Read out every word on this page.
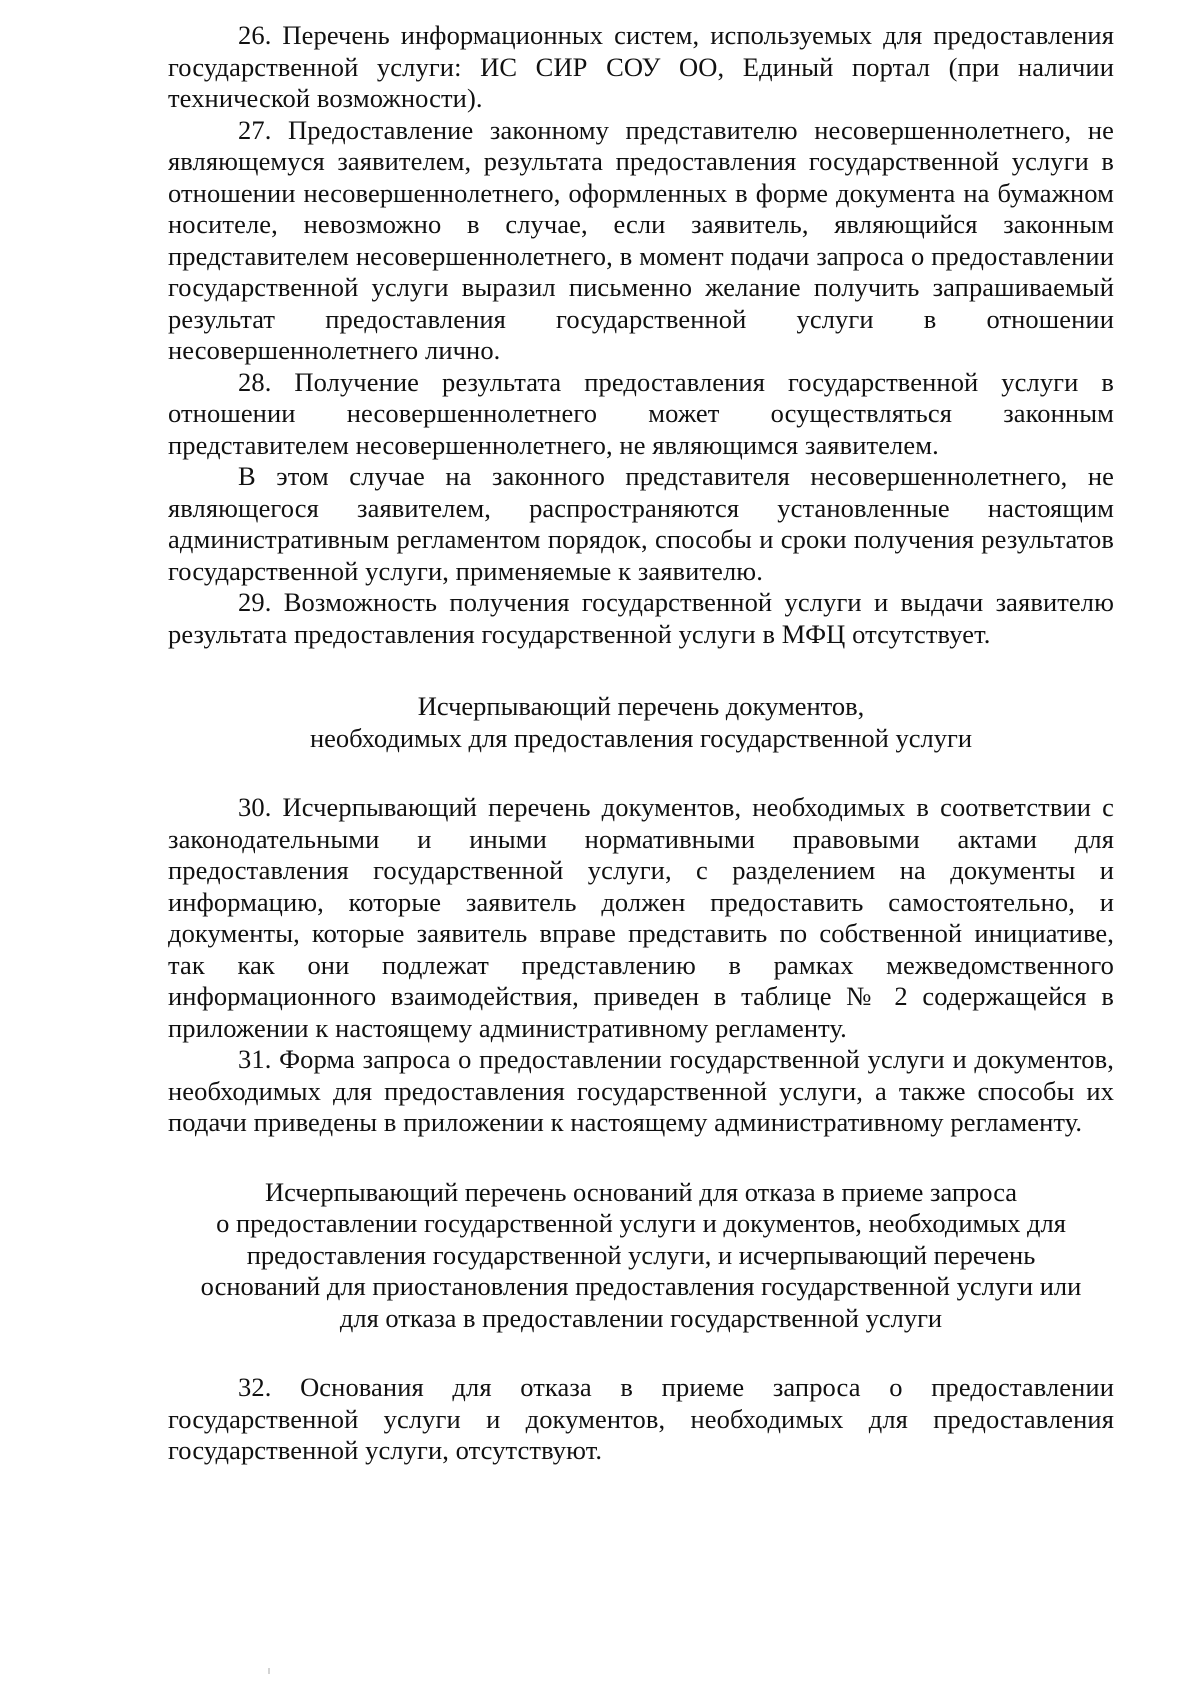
26. Перечень информационных систем, используемых для предоставления государственной услуги: ИС СИР СОУ ОО, Единый портал (при наличии технической возможности).

27. Предоставление законному представителю несовершеннолетнего, не являющемуся заявителем, результата предоставления государственной услуги в отношении несовершеннолетнего, оформленных в форме документа на бумажном носителе, невозможно в случае, если заявитель, являющийся законным представителем несовершеннолетнего, в момент подачи запроса о предоставлении государственной услуги выразил письменно желание получить запрашиваемый результат предоставления государственной услуги в отношении несовершеннолетнего лично.

28. Получение результата предоставления государственной услуги в отношении несовершеннолетнего может осуществляться законным представителем несовершеннолетнего, не являющимся заявителем.

В этом случае на законного представителя несовершеннолетнего, не являющегося заявителем, распространяются установленные настоящим административным регламентом порядок, способы и сроки получения результатов государственной услуги, применяемые к заявителю.

29. Возможность получения государственной услуги и выдачи заявителю результата предоставления государственной услуги в МФЦ отсутствует.

Исчерпывающий перечень документов,
необходимых для предоставления государственной услуги

30. Исчерпывающий перечень документов, необходимых в соответствии с законодательными и иными нормативными правовыми актами для предоставления государственной услуги, с разделением на документы и информацию, которые заявитель должен предоставить самостоятельно, и документы, которые заявитель вправе представить по собственной инициативе, так как они подлежат представлению в рамках межведомственного информационного взаимодействия, приведен в таблице № 2 содержащейся в приложении к настоящему административному регламенту.

31. Форма запроса о предоставлении государственной услуги и документов, необходимых для предоставления государственной услуги, а также способы их подачи приведены в приложении к настоящему административному регламенту.

Исчерпывающий перечень оснований для отказа в приеме запроса
о предоставлении государственной услуги и документов, необходимых для
предоставления государственной услуги, и исчерпывающий перечень
оснований для приостановления предоставления государственной услуги или
для отказа в предоставлении государственной услуги

32. Основания для отказа в приеме запроса о предоставлении государственной услуги и документов, необходимых для предоставления государственной услуги, отсутствуют.
